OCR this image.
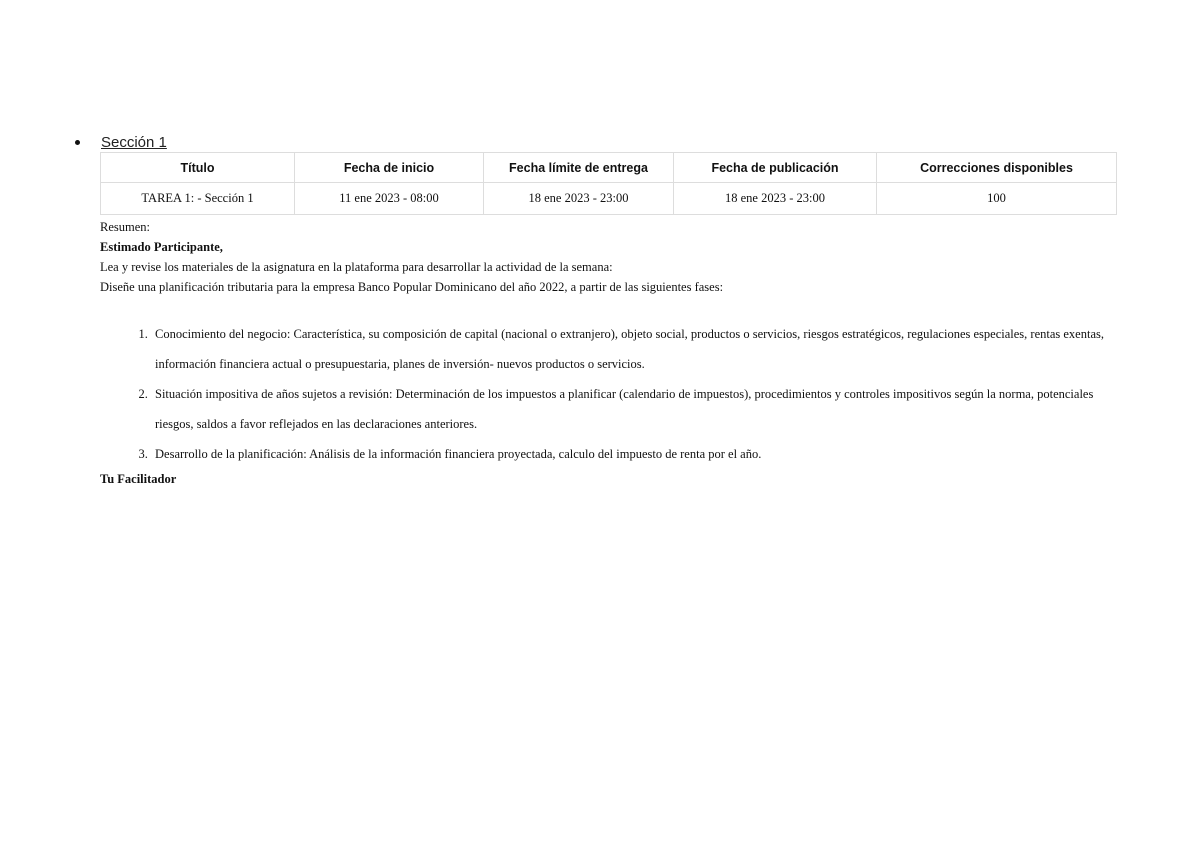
Sección 1
Título	Fecha de inicio	Fecha límite de entrega	Fecha de publicación	Correcciones disponibles
TAREA 1: - Sección 1	11 ene 2023 - 08:00	18 ene 2023 - 23:00	18 ene 2023 - 23:00	100

Resumen:

Estimado Participante,

Lea y revise los materiales de la asignatura en la plataforma para desarrollar la actividad de la semana:

Diseñe una planificación tributaria para la empresa Banco Popular Dominicano del año 2022, a partir de las siguientes fases:

1. Conocimiento del negocio: Característica, su composición de capital (nacional o extranjero), objeto social, productos o servicios, riesgos estratégicos, regulaciones especiales, rentas exentas, información financiera actual o presupuestaria, planes de inversión- nuevos productos o servicios.
2. Situación impositiva de años sujetos a revisión: Determinación de los impuestos a planificar (calendario de impuestos), procedimientos y controles impositivos según la norma, potenciales riesgos, saldos a favor reflejados en las declaraciones anteriores.
3. Desarrollo de la planificación: Análisis de la información financiera proyectada, calculo del impuesto de renta por el año.

Tu Facilitador
